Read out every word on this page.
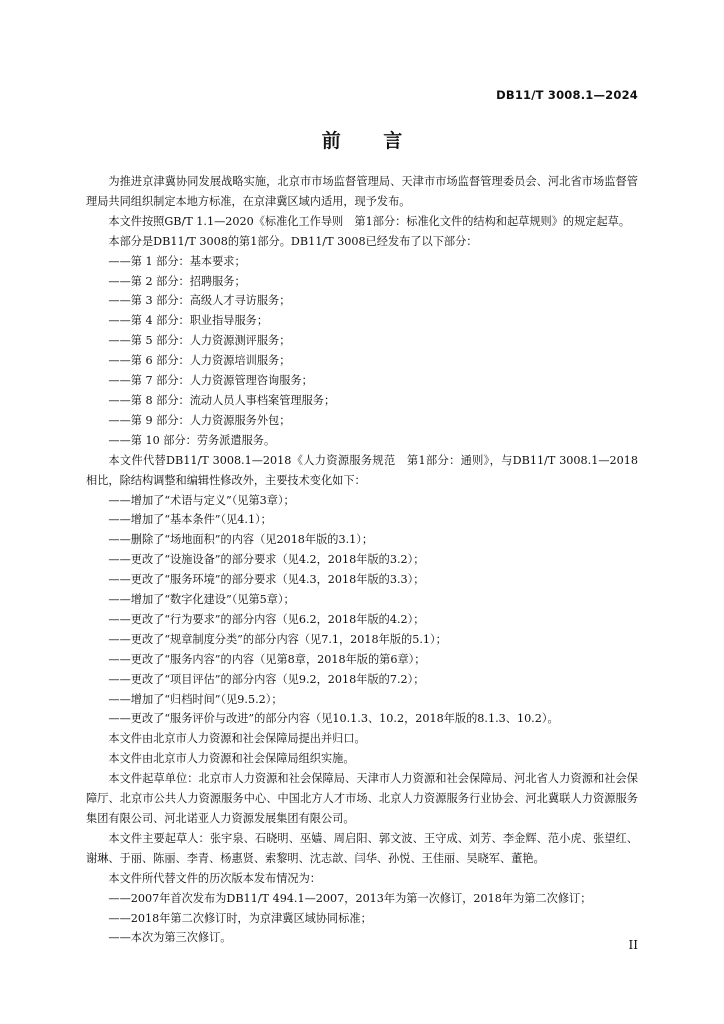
DB11/T 3008.1—2024
前 言

为推进京津冀协同发展战略实施，北京市市场监督管理局、天津市市场监督管理委员会、河北省市场监督管理局共同组织制定本地方标准，在京津冀区域内适用，现予发布。

本文件按照GB/T 1.1—2020《标准化工作导则　第1部分：标准化文件的结构和起草规则》的规定起草。

本部分是DB11/T 3008的第1部分。DB11/T 3008已经发布了以下部分：

——第 1 部分：基本要求；

——第 2 部分：招聘服务；

——第 3 部分：高级人才寻访服务；

——第 4 部分：职业指导服务；

——第 5 部分：人力资源测评服务；

——第 6 部分：人力资源培训服务；

——第 7 部分：人力资源管理咨询服务；

——第 8 部分：流动人员人事档案管理服务；

——第 9 部分：人力资源服务外包；

——第 10 部分：劳务派遣服务。

本文件代替DB11/T 3008.1—2018《人力资源服务规范　第1部分：通则》，与DB11/T 3008.1—2018相比，除结构调整和编辑性修改外，主要技术变化如下：

——增加了“术语与定义”（见第3章）；

——增加了“基本条件”（见4.1）；

——删除了“场地面积”的内容（见2018年版的3.1）；

——更改了“设施设备”的部分要求（见4.2，2018年版的3.2）；

——更改了“服务环境”的部分要求（见4.3，2018年版的3.3）；

——增加了“数字化建设”（见第5章）；

——更改了“行为要求”的部分内容（见6.2，2018年版的4.2）；

——更改了“规章制度分类”的部分内容（见7.1，2018年版的5.1）；

——更改了“服务内容”的内容（见第8章，2018年版的第6章）；

——更改了“项目评估”的部分内容（见9.2，2018年版的7.2）；

——增加了“归档时间”（见9.5.2）；

——更改了“服务评价与改进”的部分内容（见10.1.3、10.2，2018年版的8.1.3、10.2）。

本文件由北京市人力资源和社会保障局提出并归口。

本文件由北京市人力资源和社会保障局组织实施。

本文件起草单位：北京市人力资源和社会保障局、天津市人力资源和社会保障局、河北省人力资源和社会保障厅、北京市公共人力资源服务中心、中国北方人才市场、北京人力资源服务行业协会、河北冀联人力资源服务集团有限公司、河北诺亚人力资源发展集团有限公司。

本文件主要起草人：张宇泉、石晓明、巫嫱、周启阳、郭文波、王守成、刘芳、李金辉、范小虎、张望红、谢琳、于丽、陈丽、李青、杨惠贤、索黎明、沈志歆、闫华、孙悦、王佳丽、吴晓军、董艳。

本文件所代替文件的历次版本发布情况为：

——2007年首次发布为DB11/T 494.1—2007，2013年为第一次修订，2018年为第二次修订；

——2018年第二次修订时，为京津冀区域协同标准；

——本次为第三次修订。

II
